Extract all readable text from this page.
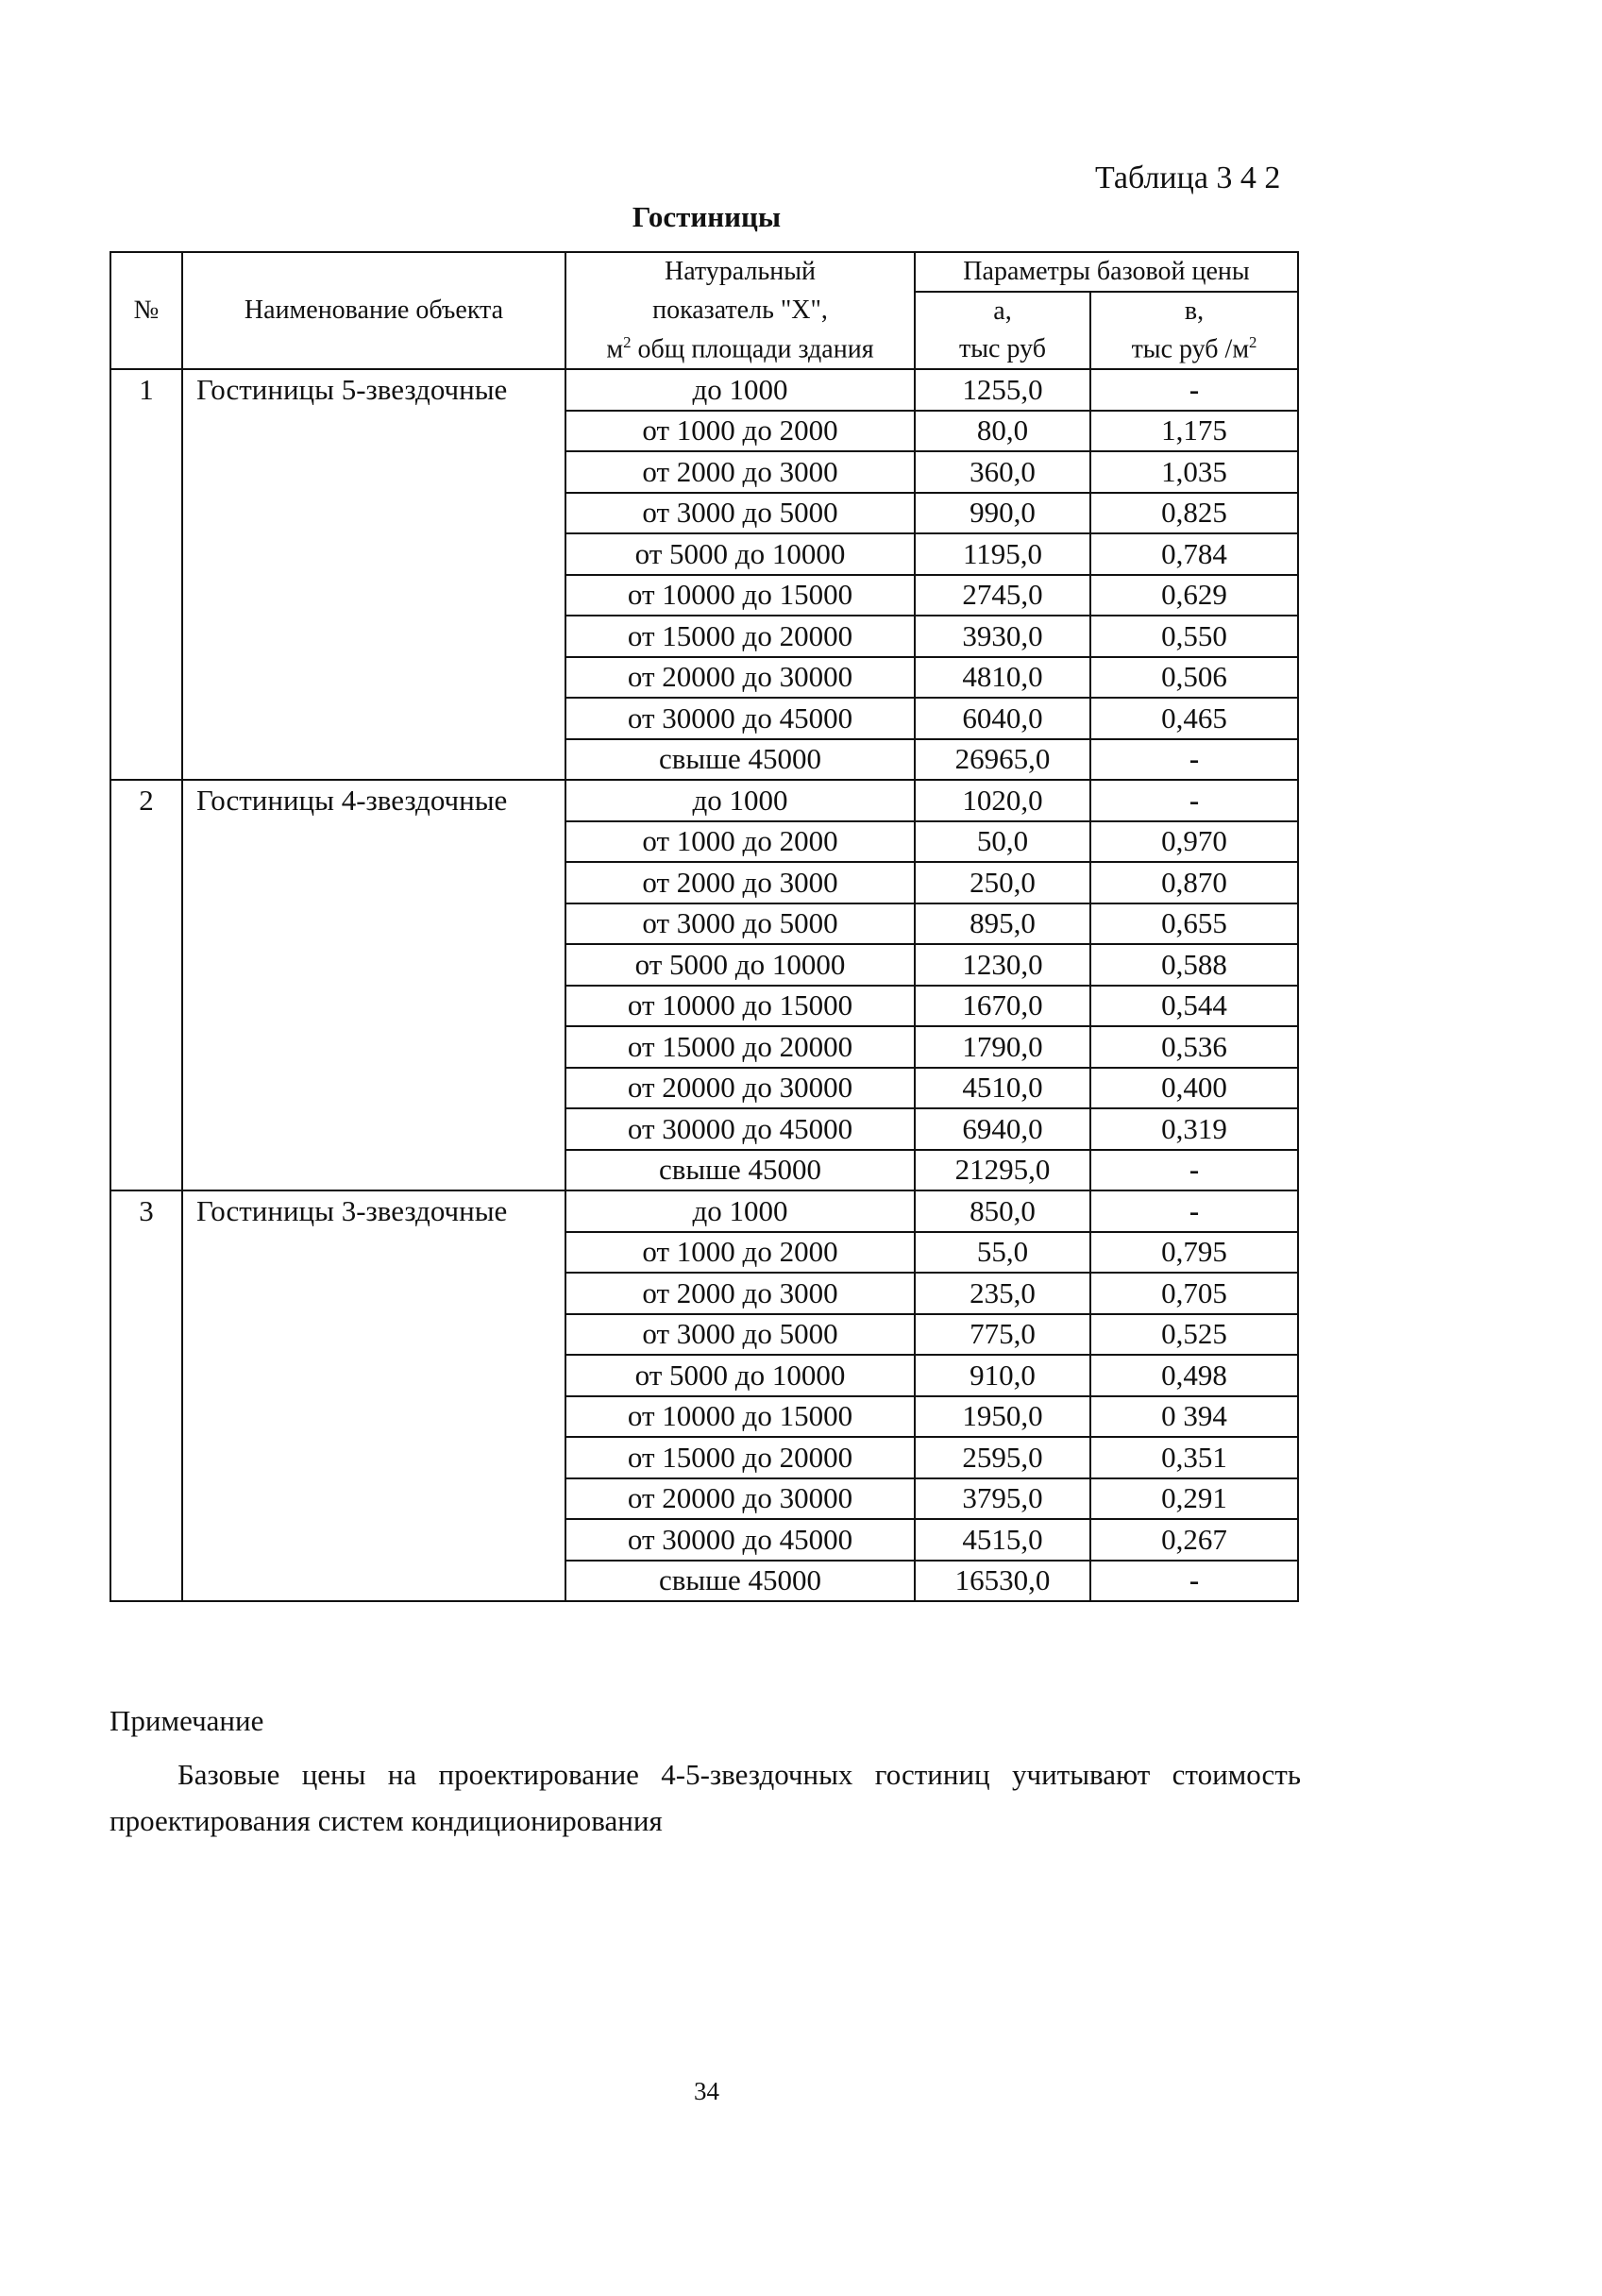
Таблица 3 4 2
Гостиницы
№	Наименование объекта	Натуральный	Параметры базовой цены	
		показатель "X",	а,	в,
		$м^2$ общ площади здания	тыс руб	тыс руб $/м^2$
1	Гостиницы 5-звездочные	до 1000	1255,0	-
		от 1000 до 2000	80,0	1,175
		от 2000 до 3000	360,0	1,035
		от 3000 до 5000	990,0	0,825
		от 5000 до 10000	1195,0	0,784
		от 10000 до 15000	2745,0	0,629
		от 15000 до 20000	3930,0	0,550
		от 20000 до 30000	4810,0	0,506
		от 30000 до 45000	6040,0	0,465
		свыше 45000	26965,0	-
2	Гостиницы 4-звездочные	до 1000	1020,0	-
		от 1000 до 2000	50,0	0,970
		от 2000 до 3000	250,0	0,870
		от 3000 до 5000	895,0	0,655
		от 5000 до 10000	1230,0	0,588
		от 10000 до 15000	1670,0	0,544
		от 15000 до 20000	1790,0	0,536
		от 20000 до 30000	4510,0	0,400
		от 30000 до 45000	6940,0	0,319
		свыше 45000	21295,0	-
3	Гостиницы 3-звездочные	до 1000	850,0	-
		от 1000 до 2000	55,0	0,795
		от 2000 до 3000	235,0	0,705
		от 3000 до 5000	775,0	0,525
		от 5000 до 10000	910,0	0,498
		от 10000 до 15000	1950,0	0 394
		от 15000 до 20000	2595,0	0,351
		от 20000 до 30000	3795,0	0,291
		от 30000 до 45000	4515,0	0,267
		свыше 45000	16530,0	-
Примечание
Базовые цены на проектирование 4-5-звездочных гостиниц учитывают стоимость проектирования систем кондиционирования
34
